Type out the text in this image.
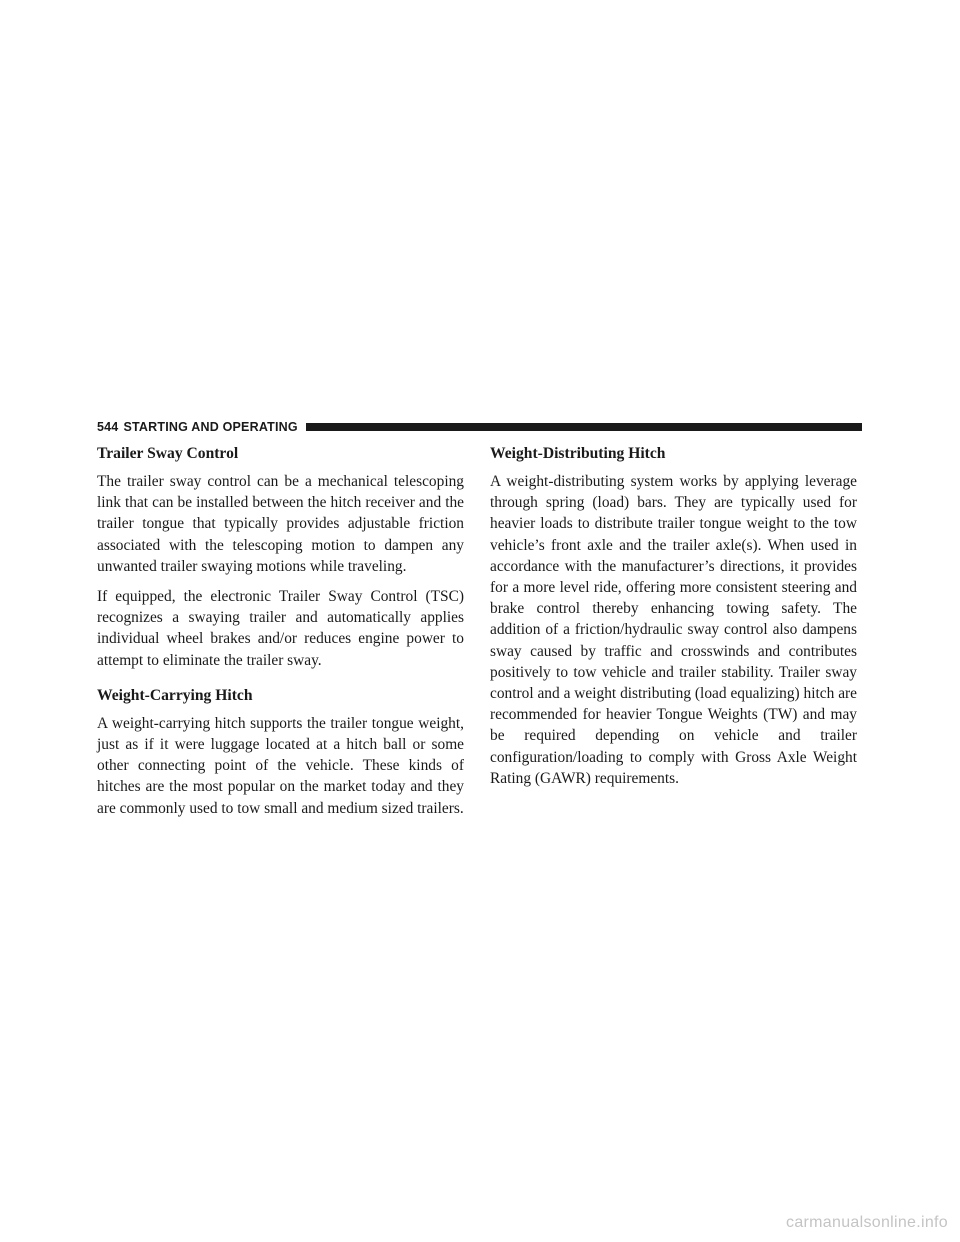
544 STARTING AND OPERATING
Trailer Sway Control

The trailer sway control can be a mechanical telescoping link that can be installed between the hitch receiver and the trailer tongue that typically provides adjustable friction associated with the telescoping motion to dampen any unwanted trailer swaying motions while traveling.

If equipped, the electronic Trailer Sway Control (TSC) recognizes a swaying trailer and automatically applies individual wheel brakes and/or reduces engine power to attempt to eliminate the trailer sway.

Weight-Carrying Hitch

A weight-carrying hitch supports the trailer tongue weight, just as if it were luggage located at a hitch ball or some other connecting point of the vehicle. These kinds of hitches are the most popular on the market today and they are commonly used to tow small and medium sized trailers.

Weight-Distributing Hitch

A weight-distributing system works by applying leverage through spring (load) bars. They are typically used for heavier loads to distribute trailer tongue weight to the tow vehicle’s front axle and the trailer axle(s). When used in accordance with the manufacturer’s directions, it provides for a more level ride, offering more consistent steering and brake control thereby enhancing towing safety. The addition of a friction/hydraulic sway control also dampens sway caused by traffic and crosswinds and contributes positively to tow vehicle and trailer stability. Trailer sway control and a weight distributing (load equalizing) hitch are recommended for heavier Tongue Weights (TW) and may be required depending on vehicle and trailer configuration/loading to comply with Gross Axle Weight Rating (GAWR) requirements.

carmanualsonline.info
